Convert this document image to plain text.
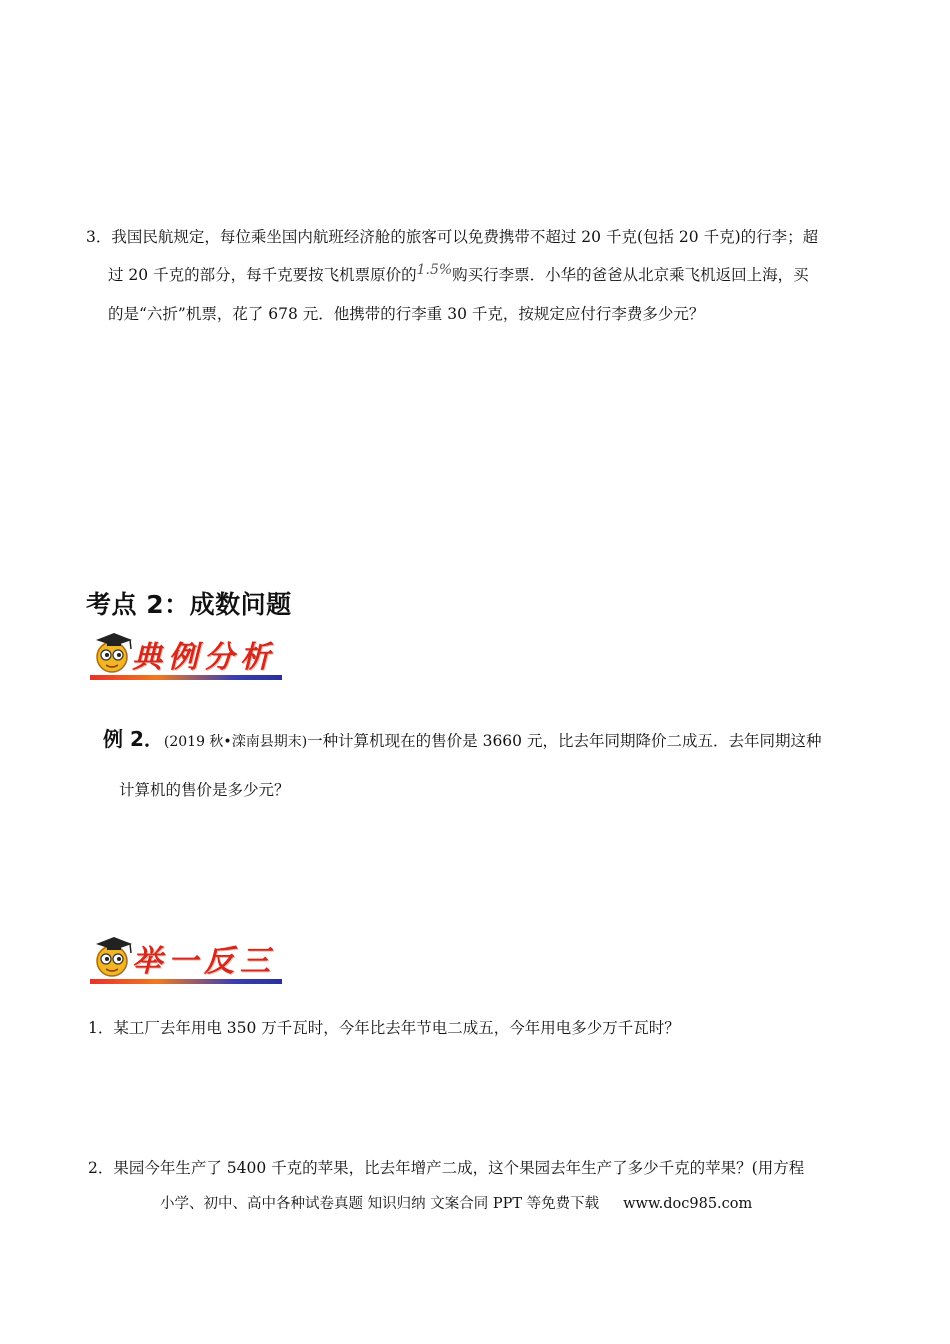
3．我国民航规定，每位乘坐国内航班经济舱的旅客可以免费携带不超过 20 千克(包括 20 千克)的行李；超
过 20 千克的部分，每千克要按飞机票原价的1.5%购买行李票．小华的爸爸从北京乘飞机返回上海，买
的是“六折”机票，花了 678 元．他携带的行李重 30 千克，按规定应付行李费多少元？
考点 2：成数问题
典例分析
例 2．(2019 秋•滦南县期末)一种计算机现在的售价是 3660 元，比去年同期降价二成五．去年同期这种
计算机的售价是多少元？
举一反三
1．某工厂去年用电 350 万千瓦时，今年比去年节电二成五，今年用电多少万千瓦时？
2．果园今年生产了 5400 千克的苹果，比去年增产二成，这个果园去年生产了多少千克的苹果？(用方程
小学、初中、高中各种试卷真题 知识归纳 文案合同 PPT 等免费下载 www.doc985.com
